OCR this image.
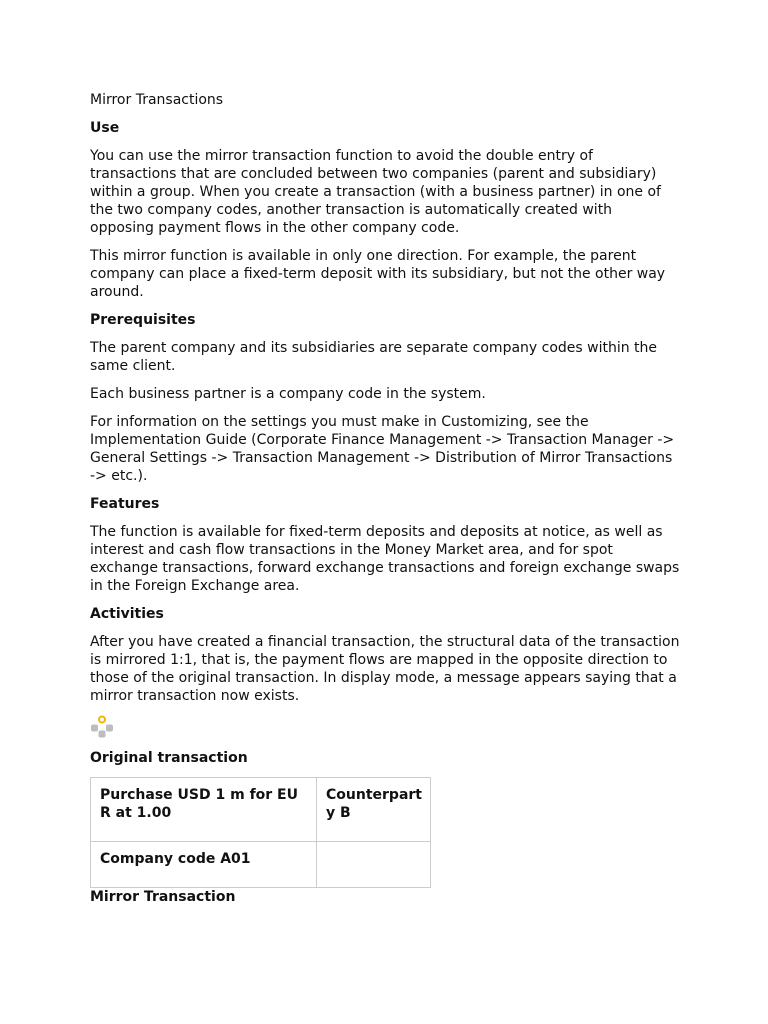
Mirror Transactions
Use

You can use the mirror transaction function to avoid the double entry of transactions that are concluded between two companies (parent and subsidiary) within a group. When you create a transaction (with a business partner) in one of the two company codes, another transaction is automatically created with opposing payment flows in the other company code.

This mirror function is available in only one direction. For example, the parent company can place a fixed-term deposit with its subsidiary, but not the other way around.

Prerequisites

The parent company and its subsidiaries are separate company codes within the same client.

Each business partner is a company code in the system.

For information on the settings you must make in Customizing, see the Implementation Guide (Corporate Finance Management -> Transaction Manager -> General Settings -> Transaction Management -> Distribution of Mirror Transactions -> etc.).

Features

The function is available for fixed-term deposits and deposits at notice, as well as interest and cash flow transactions in the Money Market area, and for spot exchange transactions, forward exchange transactions and foreign exchange swaps in the Foreign Exchange area.

Activities

After you have created a financial transaction, the structural data of the transaction is mirrored 1:1, that is, the payment flows are mapped in the opposite direction to those of the original transaction. In display mode, a message appears saying that a mirror transaction now exists.

Original transaction
Purchase USD 1 m for EUR at 1.00	Counterparty B
Company code A01	
Mirror Transaction
